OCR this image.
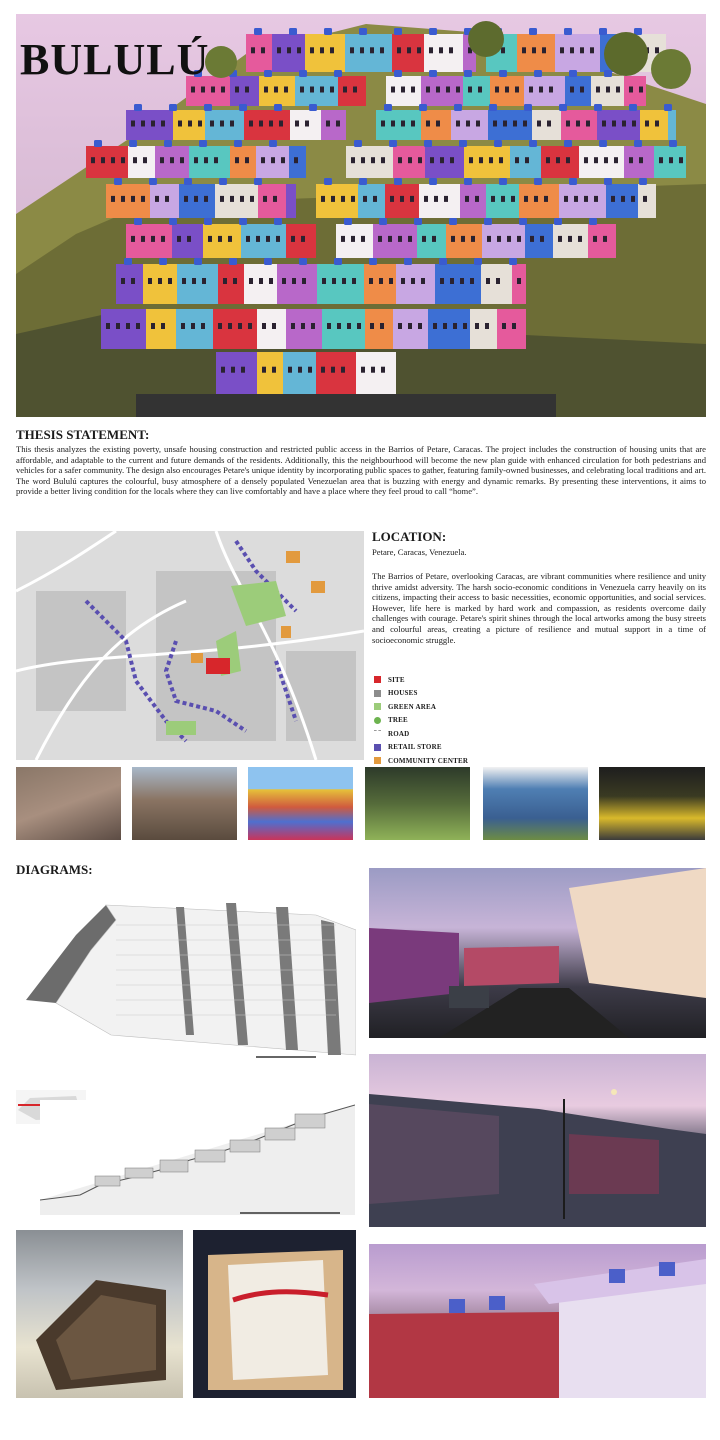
BULULÚ
THESIS STATEMENT:

This thesis analyzes the existing poverty, unsafe housing construction and restricted public access in the Barrios of Petare, Caracas. The project includes the construction of housing units that are affordable, and adaptable to the current and future demands of the residents. Additionally, this the neighbourhood will become the new plan guide with enhanced circulation for both pedestrians and vehicles for a safer community. The design also encourages Petare's unique identity by incorporating public spaces to gather, featuring family-owned businesses, and celebrating local traditions and art. The word Bululú captures the colourful, busy atmosphere of a densely populated Venezuelan area that is buzzing with energy and dynamic remarks. By presenting these interventions, it aims to provide a better living condition for the locals where they can live comfortably and have a place where they feel proud to call “home”.

LOCATION:
Petare, Caracas, Venezuela.

The Barrios of Petare, overlooking Caracas, are vibrant communities where resilience and unity thrive amidst adversity. The harsh socio-economic conditions in Venezuela carry heavily on its citizens, impacting their access to basic necessities, economic opportunities, and social services. However, life here is marked by hard work and compassion, as residents overcome daily challenges with courage. Petare's spirit shines through the local artworks among the busy streets and colourful areas, creating a picture of resilience and mutual support in a time of socioeconomic struggle.

SITE
HOUSES
GREEN AREA
TREE
ROAD
RETAIL STORE
COMMUNITY CENTER
DIAGRAMS:
